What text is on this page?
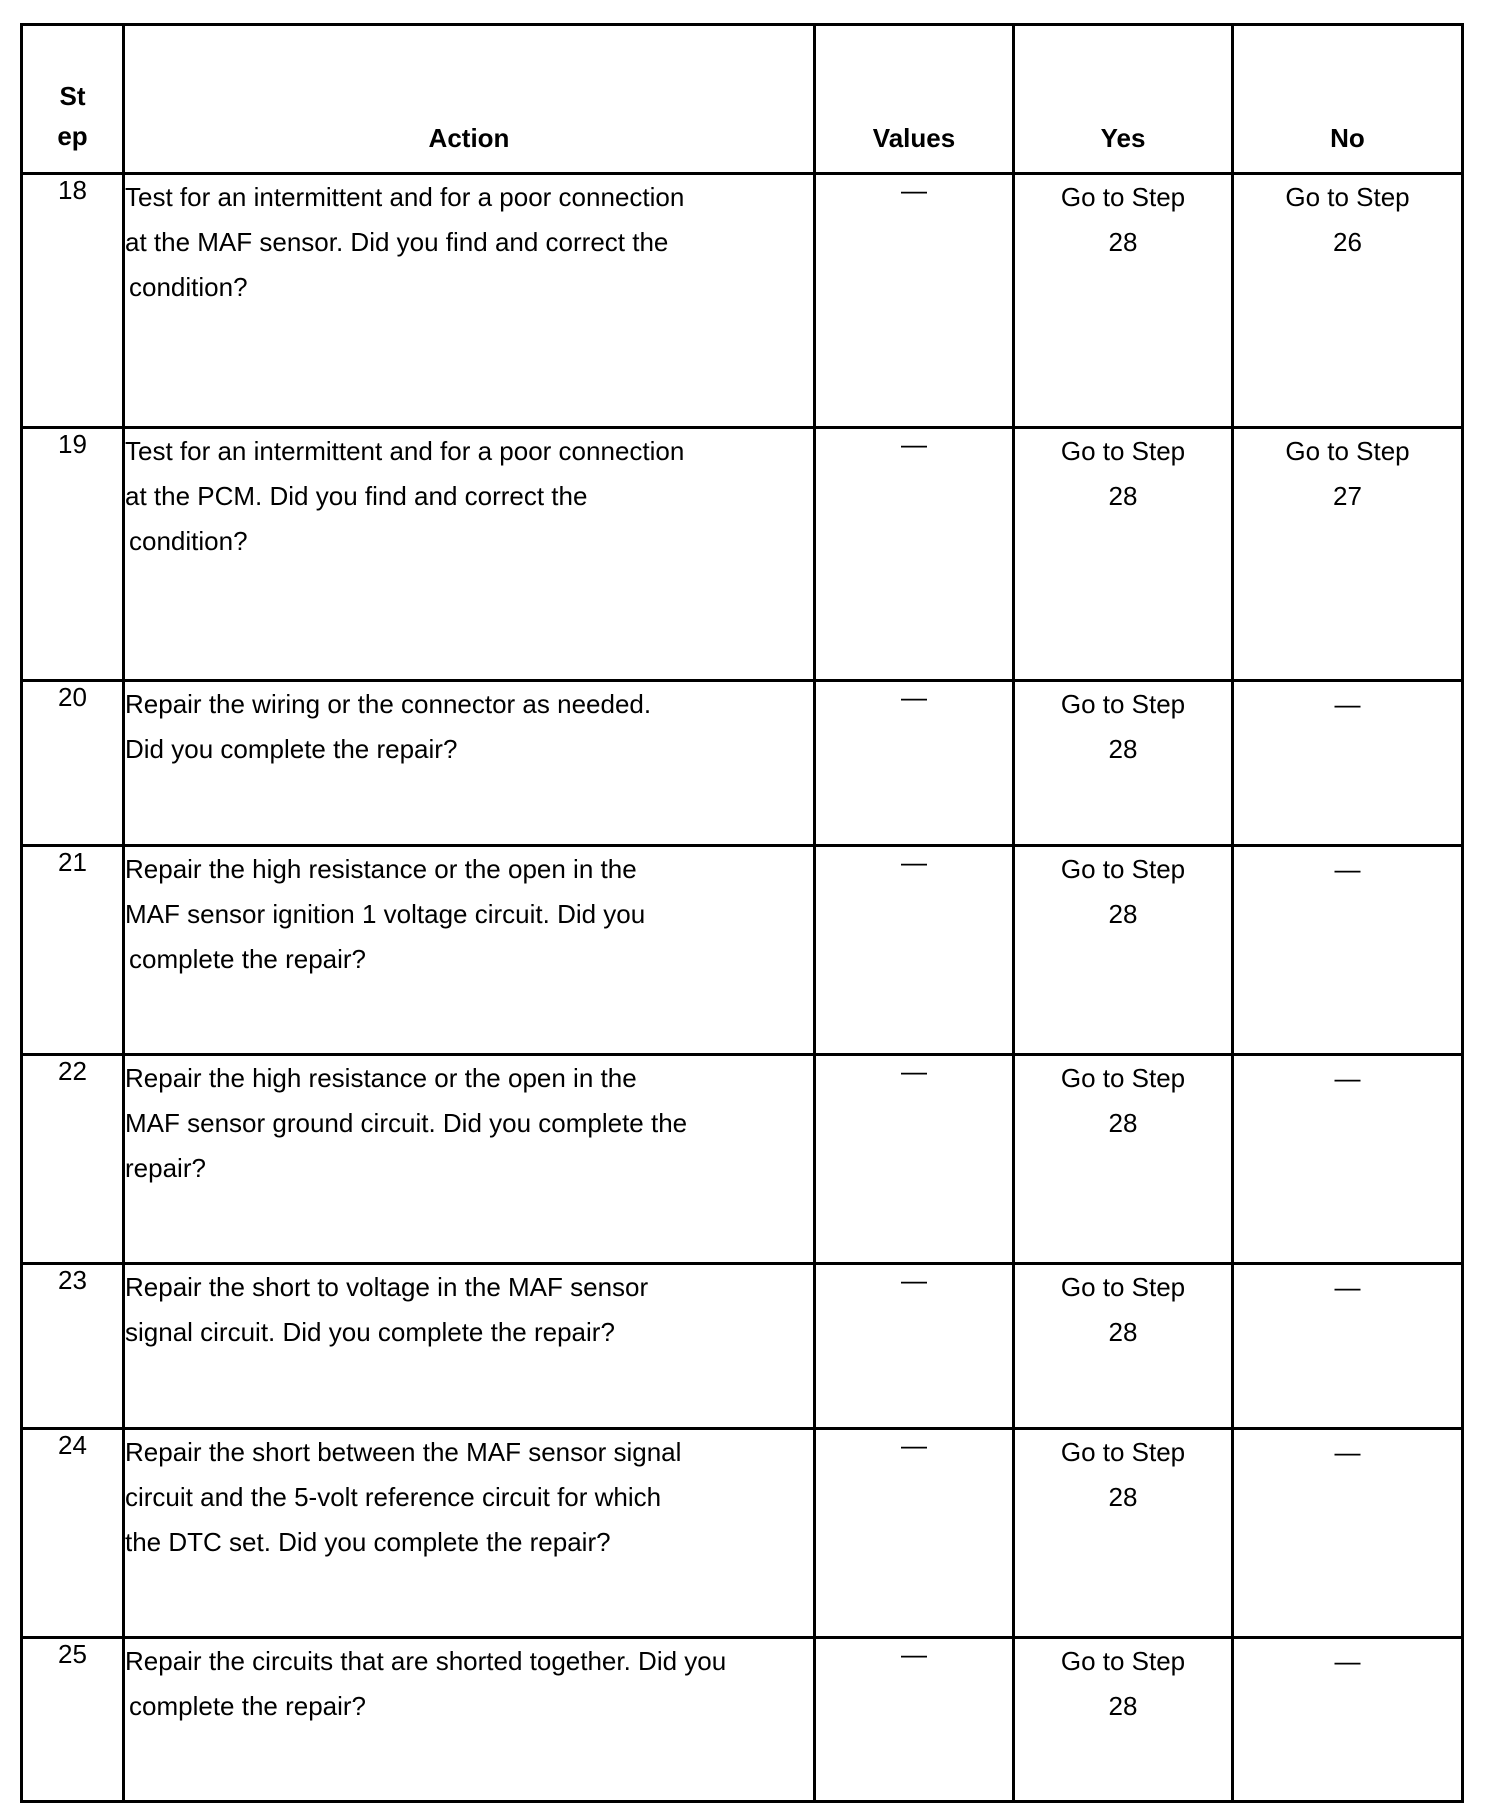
St
ep	Action	Values	Yes	No
18	Test for an intermittent and for a poor connection
at the MAF sensor. Did you find and correct the
condition?	—	Go to Step
28	Go to Step
26
19	Test for an intermittent and for a poor connection
at the PCM. Did you find and correct the
condition?	—	Go to Step
28	Go to Step
27
20	Repair the wiring or the connector as needed.
Did you complete the repair?	—	Go to Step
28	—
21	Repair the high resistance or the open in the
MAF sensor ignition 1 voltage circuit. Did you
complete the repair?	—	Go to Step
28	—
22	Repair the high resistance or the open in the
MAF sensor ground circuit. Did you complete the
repair?	—	Go to Step
28	—
23	Repair the short to voltage in the MAF sensor
signal circuit. Did you complete the repair?	—	Go to Step
28	—
24	Repair the short between the MAF sensor signal
circuit and the 5-volt reference circuit for which
the DTC set. Did you complete the repair?	—	Go to Step
28	—
25	Repair the circuits that are shorted together. Did you
complete the repair?	—	Go to Step
28	—
